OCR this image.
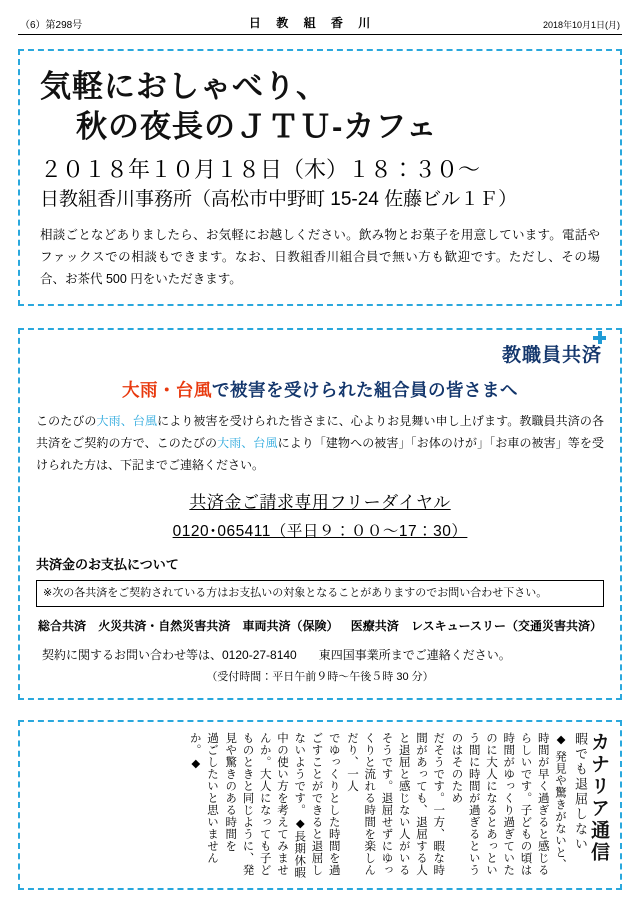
（6）第298号	日 教 組 香 川	2018年10月1日(月)
気軽におしゃべり、
秋の夜長のＪＴＵ-カフェ
２０１８年１０月１８日（木）１８：３０〜
日教組香川事務所（高松市中野町 15-24 佐藤ビル１Ｆ）
相談ごとなどありましたら、お気軽にお越しください。飲み物とお菓子を用意しています。電話やファックスでの相談もできます。なお、日教組香川組合員で無い方も歓迎です。ただし、その場合、お茶代 500 円をいただきます。
教職員共済
大雨・台風で被害を受けられた組合員の皆さまへ
このたびの大雨、台風により被害を受けられた皆さまに、心よりお見舞い申し上げます。教職員共済の各共済をご契約の方で、このたびの大雨、台風により「建物への被害」「お体のけが」「お車の被害」等を受けられた方は、下記までご連絡ください。
共済金ご請求専用フリーダイヤル
0120･065411（平日９：００〜17：30）
共済金のお支払について
※次の各共済をご契約されている方はお支払いの対象となることがありますのでお問い合わせ下さい。
総合共済 火災共済・自然災害共済 車両共済（保険） 医療共済 レスキュースリー（交通災害共済）
契約に関するお問い合わせ等は、0120-27-8140 東四国事業所までご連絡ください。
（受付時間：平日午前９時〜午後５時 30 分）
カナリア通信
暇でも退屈しない
◆ 発見や驚きがないと、時間が早く過ぎると感じるらしいです。子どもの頃は時間がゆっくり過ぎていたのに大人になるとあっという間に時間が過ぎるというのはそのため
だそうです。一方、暇な時間があっても、退屈する人と退屈と感じない人がいるそうです。退屈せずにゆっくりと流れる時間を楽しんだり、一人
でゆっくりとした時間を過ごすことができると退屈しないようです。◆長期休暇中の使い方を考えてみませんか。大人になっても子どものときと同じように、発見や驚きのある時間を
過ごしたいと思いませんか。◆
